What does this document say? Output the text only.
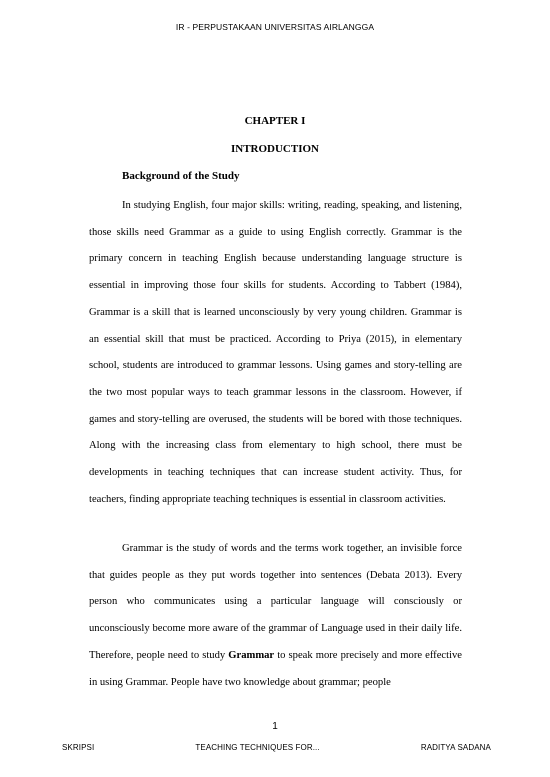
IR - PERPUSTAKAAN UNIVERSITAS AIRLANGGA
CHAPTER I
INTRODUCTION
Background of the Study

In studying English, four major skills: writing, reading, speaking, and listening, those skills need Grammar as a guide to using English correctly. Grammar is the primary concern in teaching English because understanding language structure is essential in improving those four skills for students. According to Tabbert (1984), Grammar is a skill that is learned unconsciously by very young children. Grammar is an essential skill that must be practiced. According to Priya (2015), in elementary school, students are introduced to grammar lessons. Using games and story-telling are the two most popular ways to teach grammar lessons in the classroom. However, if games and story-telling are overused, the students will be bored with those techniques. Along with the increasing class from elementary to high school, there must be developments in teaching techniques that can increase student activity. Thus, for teachers, finding appropriate teaching techniques is essential in classroom activities.

Grammar is the study of words and the terms work together, an invisible force that guides people as they put words together into sentences (Debata 2013). Every person who communicates using a particular language will consciously or unconsciously become more aware of the grammar of Language used in their daily life. Therefore, people need to study Grammar to speak more precisely and more effective in using Grammar. People have two knowledge about grammar; people

1
SKRIPSI	TEACHING TECHNIQUES FOR...	RADITYA SADANA
